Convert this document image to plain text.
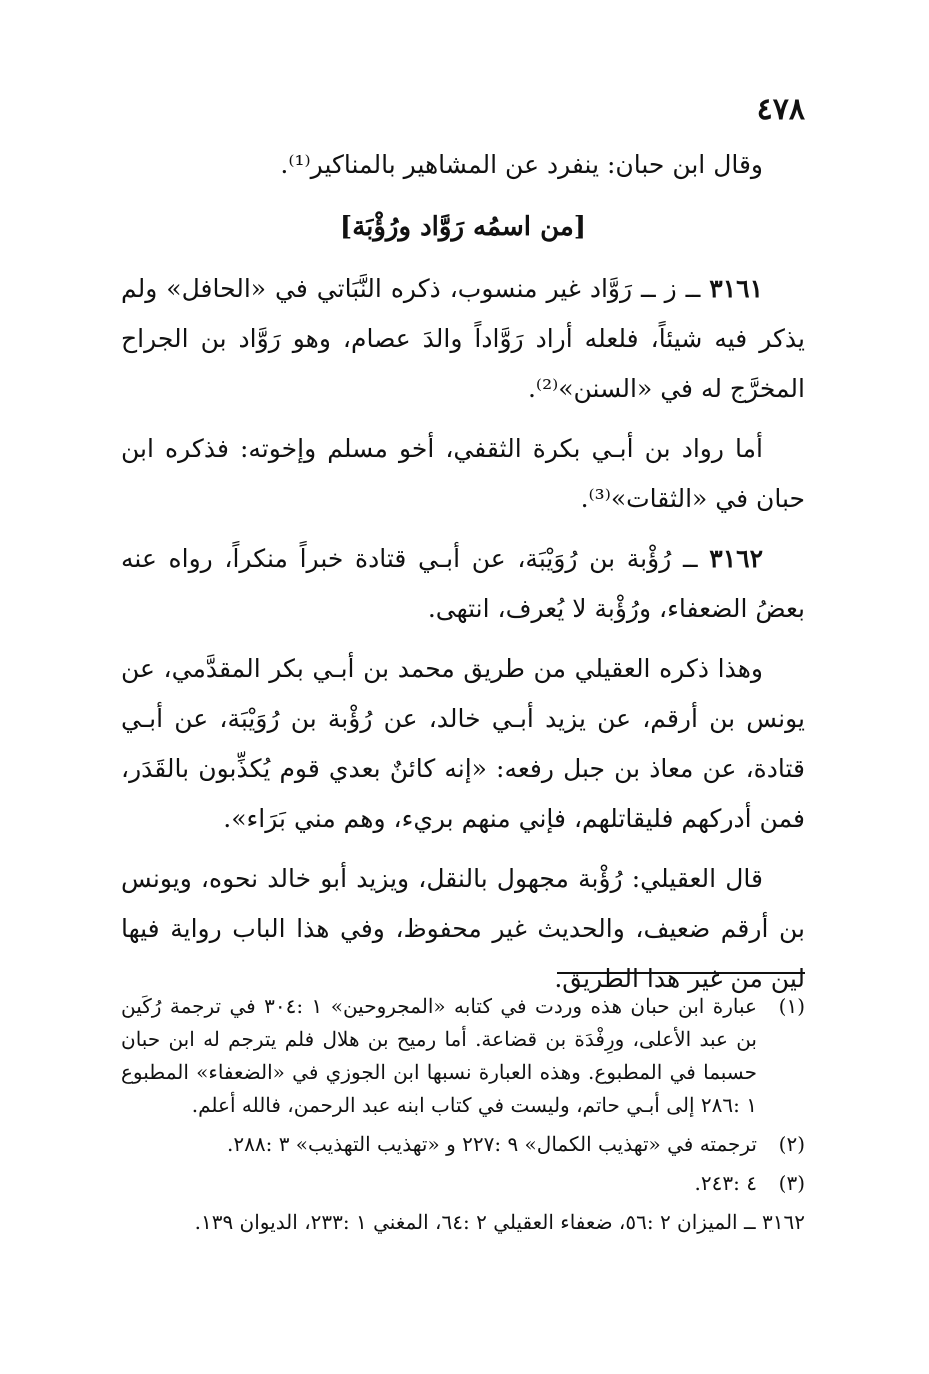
٤٧٨

وقال ابن حبان: ينفرد عن المشاهير بالمناكير⁽¹⁾.

[من اسمُه رَوَّاد ورُؤْبَة]

٣١٦١ ــ ز ــ رَوَّاد غير منسوب، ذكره النَّبَاتي في «الحافل» ولم يذكر فيه شيئاً، فلعله أراد رَوَّاداً والدَ عصام، وهو رَوَّاد بن الجراح المخرَّج له في «السنن»⁽²⁾.

أما رواد بن أبـي بكرة الثقفي، أخو مسلم وإخوته: فذكره ابن حبان في «الثقات»⁽³⁾.

٣١٦٢ ــ رُؤْبة بن رُوَيْبَة، عن أبـي قتادة خبراً منكراً، رواه عنه بعضُ الضعفاء، ورُؤْبة لا يُعرف، انتهى.

وهذا ذكره العقيلي من طريق محمد بن أبـي بكر المقدَّمي، عن يونس بن أرقم، عن يزيد أبـي خالد، عن رُؤْبة بن رُوَيْبَة، عن أبـي قتادة، عن معاذ بن جبل رفعه: «إنه كائنٌ بعدي قوم يُكذِّبون بالقَدَر، فمن أدركهم فليقاتلهم، فإني منهم بريء، وهم مني بَرَاء».

قال العقيلي: رُؤْبة مجهول بالنقل، ويزيد أبو خالد نحوه، ويونس بن أرقم ضعيف، والحديث غير محفوظ، وفي هذا الباب رواية فيها لين من غير هذا الطريق.

(١)
عبارة ابن حبان هذه وردت في كتابه «المجروحين» ١ :٣٠٤ في ترجمة رُكَين بن عبد الأعلى، ورِفْدَة بن قضاعة. أما رميح بن هلال فلم يترجم له ابن حبان حسبما في المطبوع. وهذه العبارة نسبها ابن الجوزي في «الضعفاء» المطبوع ١ :٢٨٦ إلى أبـي حاتم، وليست في كتاب ابنه عبد الرحمن، فالله أعلم.
(٢)
ترجمته في «تهذيب الكمال» ٩ :٢٢٧ و «تهذيب التهذيب» ٣ :٢٨٨.
(٣)
٤ :٢٤٣.
٣١٦٢ ــ الميزان ٢ :٥٦، ضعفاء العقيلي ٢ :٦٤، المغني ١ :٢٣٣، الديوان ١٣٩.
